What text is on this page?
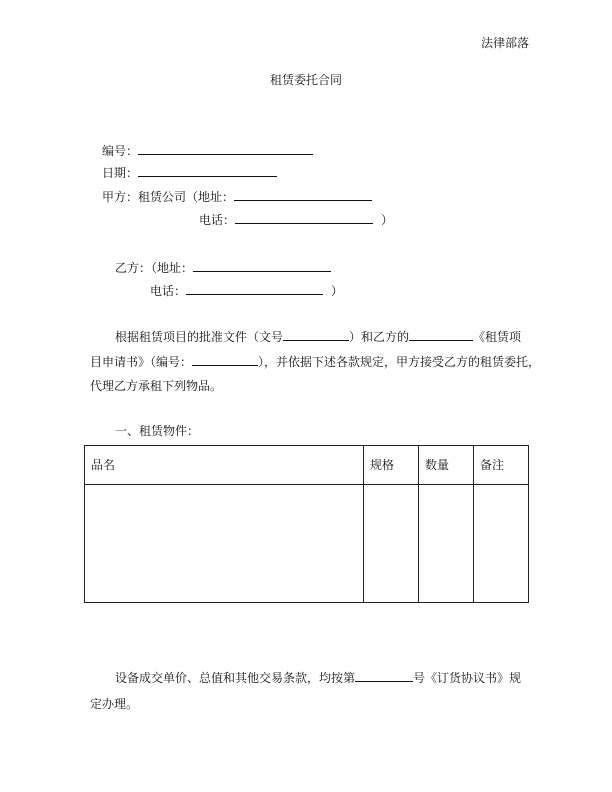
法律部落
租赁委托合同
编号：
日期：
甲方：租赁公司（地址：
电话：	）
乙方：（地址：
电话：	）
根据租赁项目的批准文件（文号	）和乙方的	《租赁项
目申请书》（编号：	），并依据下述各款规定，甲方接受乙方的租赁委托，
代理乙方承租下列物品。
一、租赁物件：
品名	规格	数量	备注

设备成交单价、总值和其他交易条款，均按第	号《订货协议书》规
定办理。
